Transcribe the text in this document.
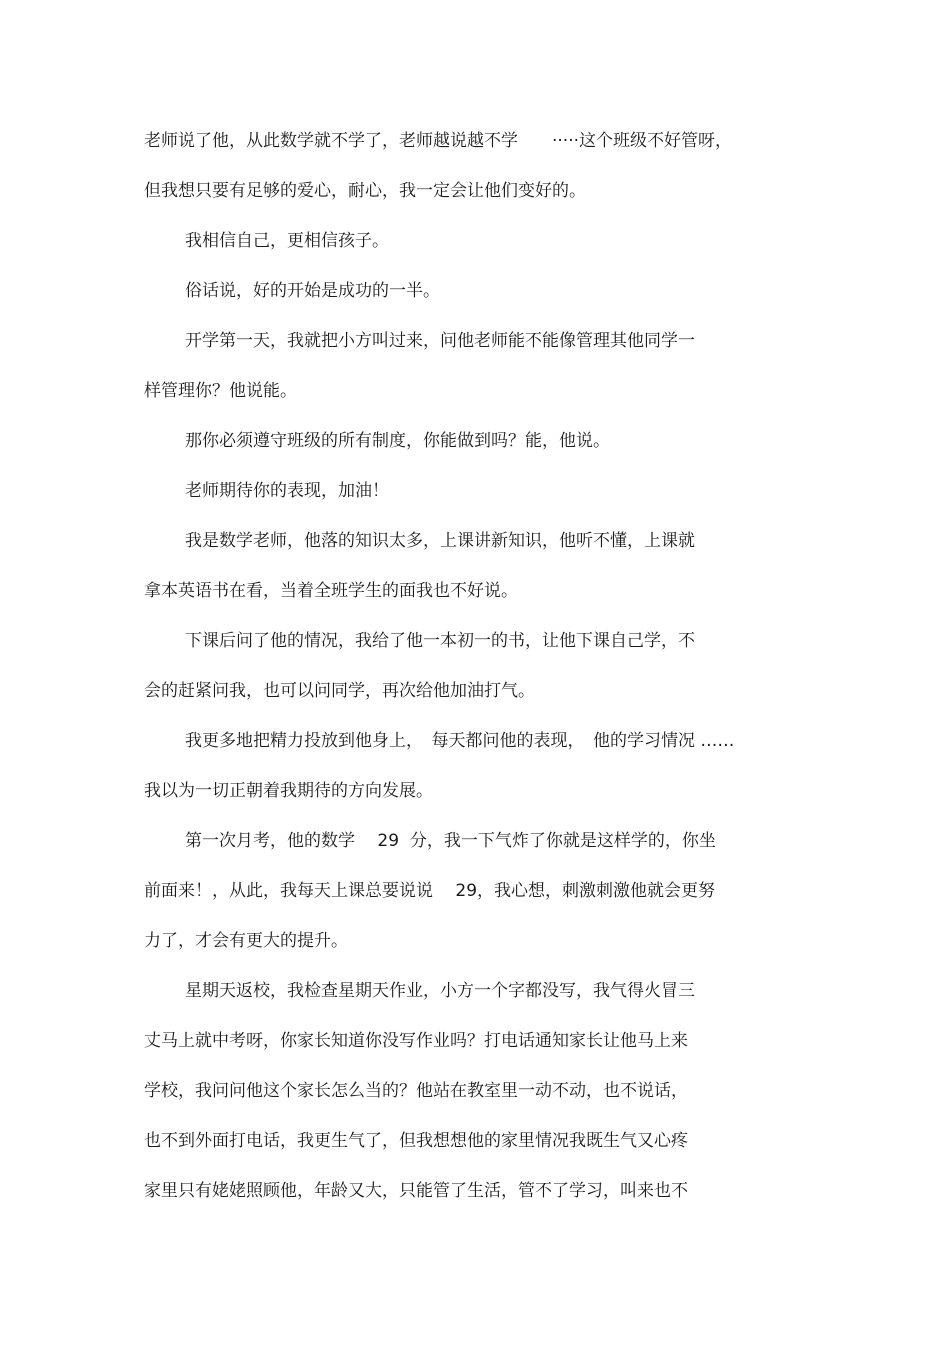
老师说了他，从此数学就不学了，老师越说越不学　　·····这个班级不好管呀，

但我想只要有足够的爱心，耐心，我一定会让他们变好的。

我相信自己，更相信孩子。

俗话说，好的开始是成功的一半。

开学第一天，我就把小方叫过来，问他老师能不能像管理其他同学一

样管理你？他说能。

那你必须遵守班级的所有制度，你能做到吗？能，他说。

老师期待你的表现，加油！

我是数学老师，他落的知识太多，上课讲新知识，他听不懂，上课就

拿本英语书在看，当着全班学生的面我也不好说。

下课后问了他的情况，我给了他一本初一的书，让他下课自己学，不

会的赶紧问我，也可以问同学，再次给他加油打气。

我更多地把精力投放到他身上，　每天都问他的表现，　他的学习情况 ……

我以为一切正朝着我期待的方向发展。

第一次月考，他的数学　 29  分，我一下气炸了你就是这样学的，你坐

前面来！，从此，我每天上课总要说说　 29，我心想，刺激刺激他就会更努

力了，才会有更大的提升。

星期天返校，我检查星期天作业，小方一个字都没写，我气得火冒三

丈马上就中考呀，你家长知道你没写作业吗？打电话通知家长让他马上来

学校，我问问他这个家长怎么当的？他站在教室里一动不动，也不说话，

也不到外面打电话，我更生气了，但我想想他的家里情况我既生气又心疼

家里只有姥姥照顾他，年龄又大，只能管了生活，管不了学习，叫来也不
